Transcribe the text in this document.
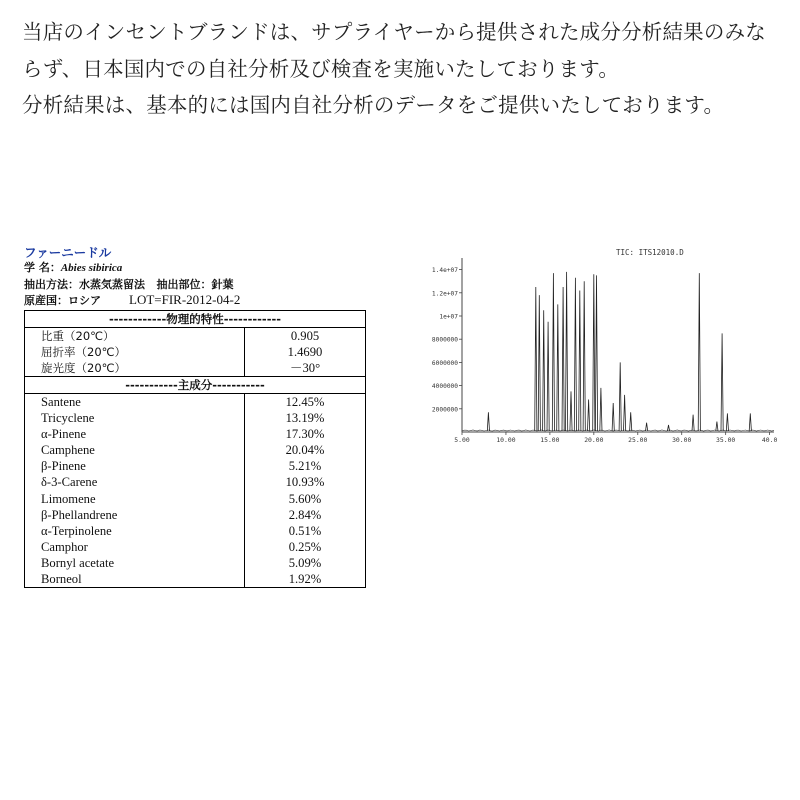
当店のインセントブランドは、サプライヤーから提供された成分分析結果のみならず、日本国内での自社分析及び検査を実施いたしております。

分析結果は、基本的には国内自社分析のデータをご提供いたしております。

ファーニードル
学 名：Abies sibirica
抽出方法：水蒸気蒸留法 抽出部位：針葉
原産国：ロシア LOT=FIR-2012-04-2
------------物理的特性------------	
比重（20℃）	0.905
屈折率（20℃）	1.4690
旋光度（20℃）	－30°
-----------主成分-----------	
Santene	12.45%
Tricyclene	13.19%
α-Pinene	17.30%
Camphene	20.04%
β-Pinene	5.21%
δ-3-Carene	10.93%
Limomene	5.60%
β-Phellandrene	2.84%
α-Terpinolene	0.51%
Camphor	0.25%
Bornyl acetate	5.09%
Borneol	1.92%
TIC: ITS12010.D
1.4e+07
1.2e+07
1e+07
8000000
6000000
4000000
2000000
5.00	10.00	15.00	20.00	25.00	30.00	35.00	40.0
